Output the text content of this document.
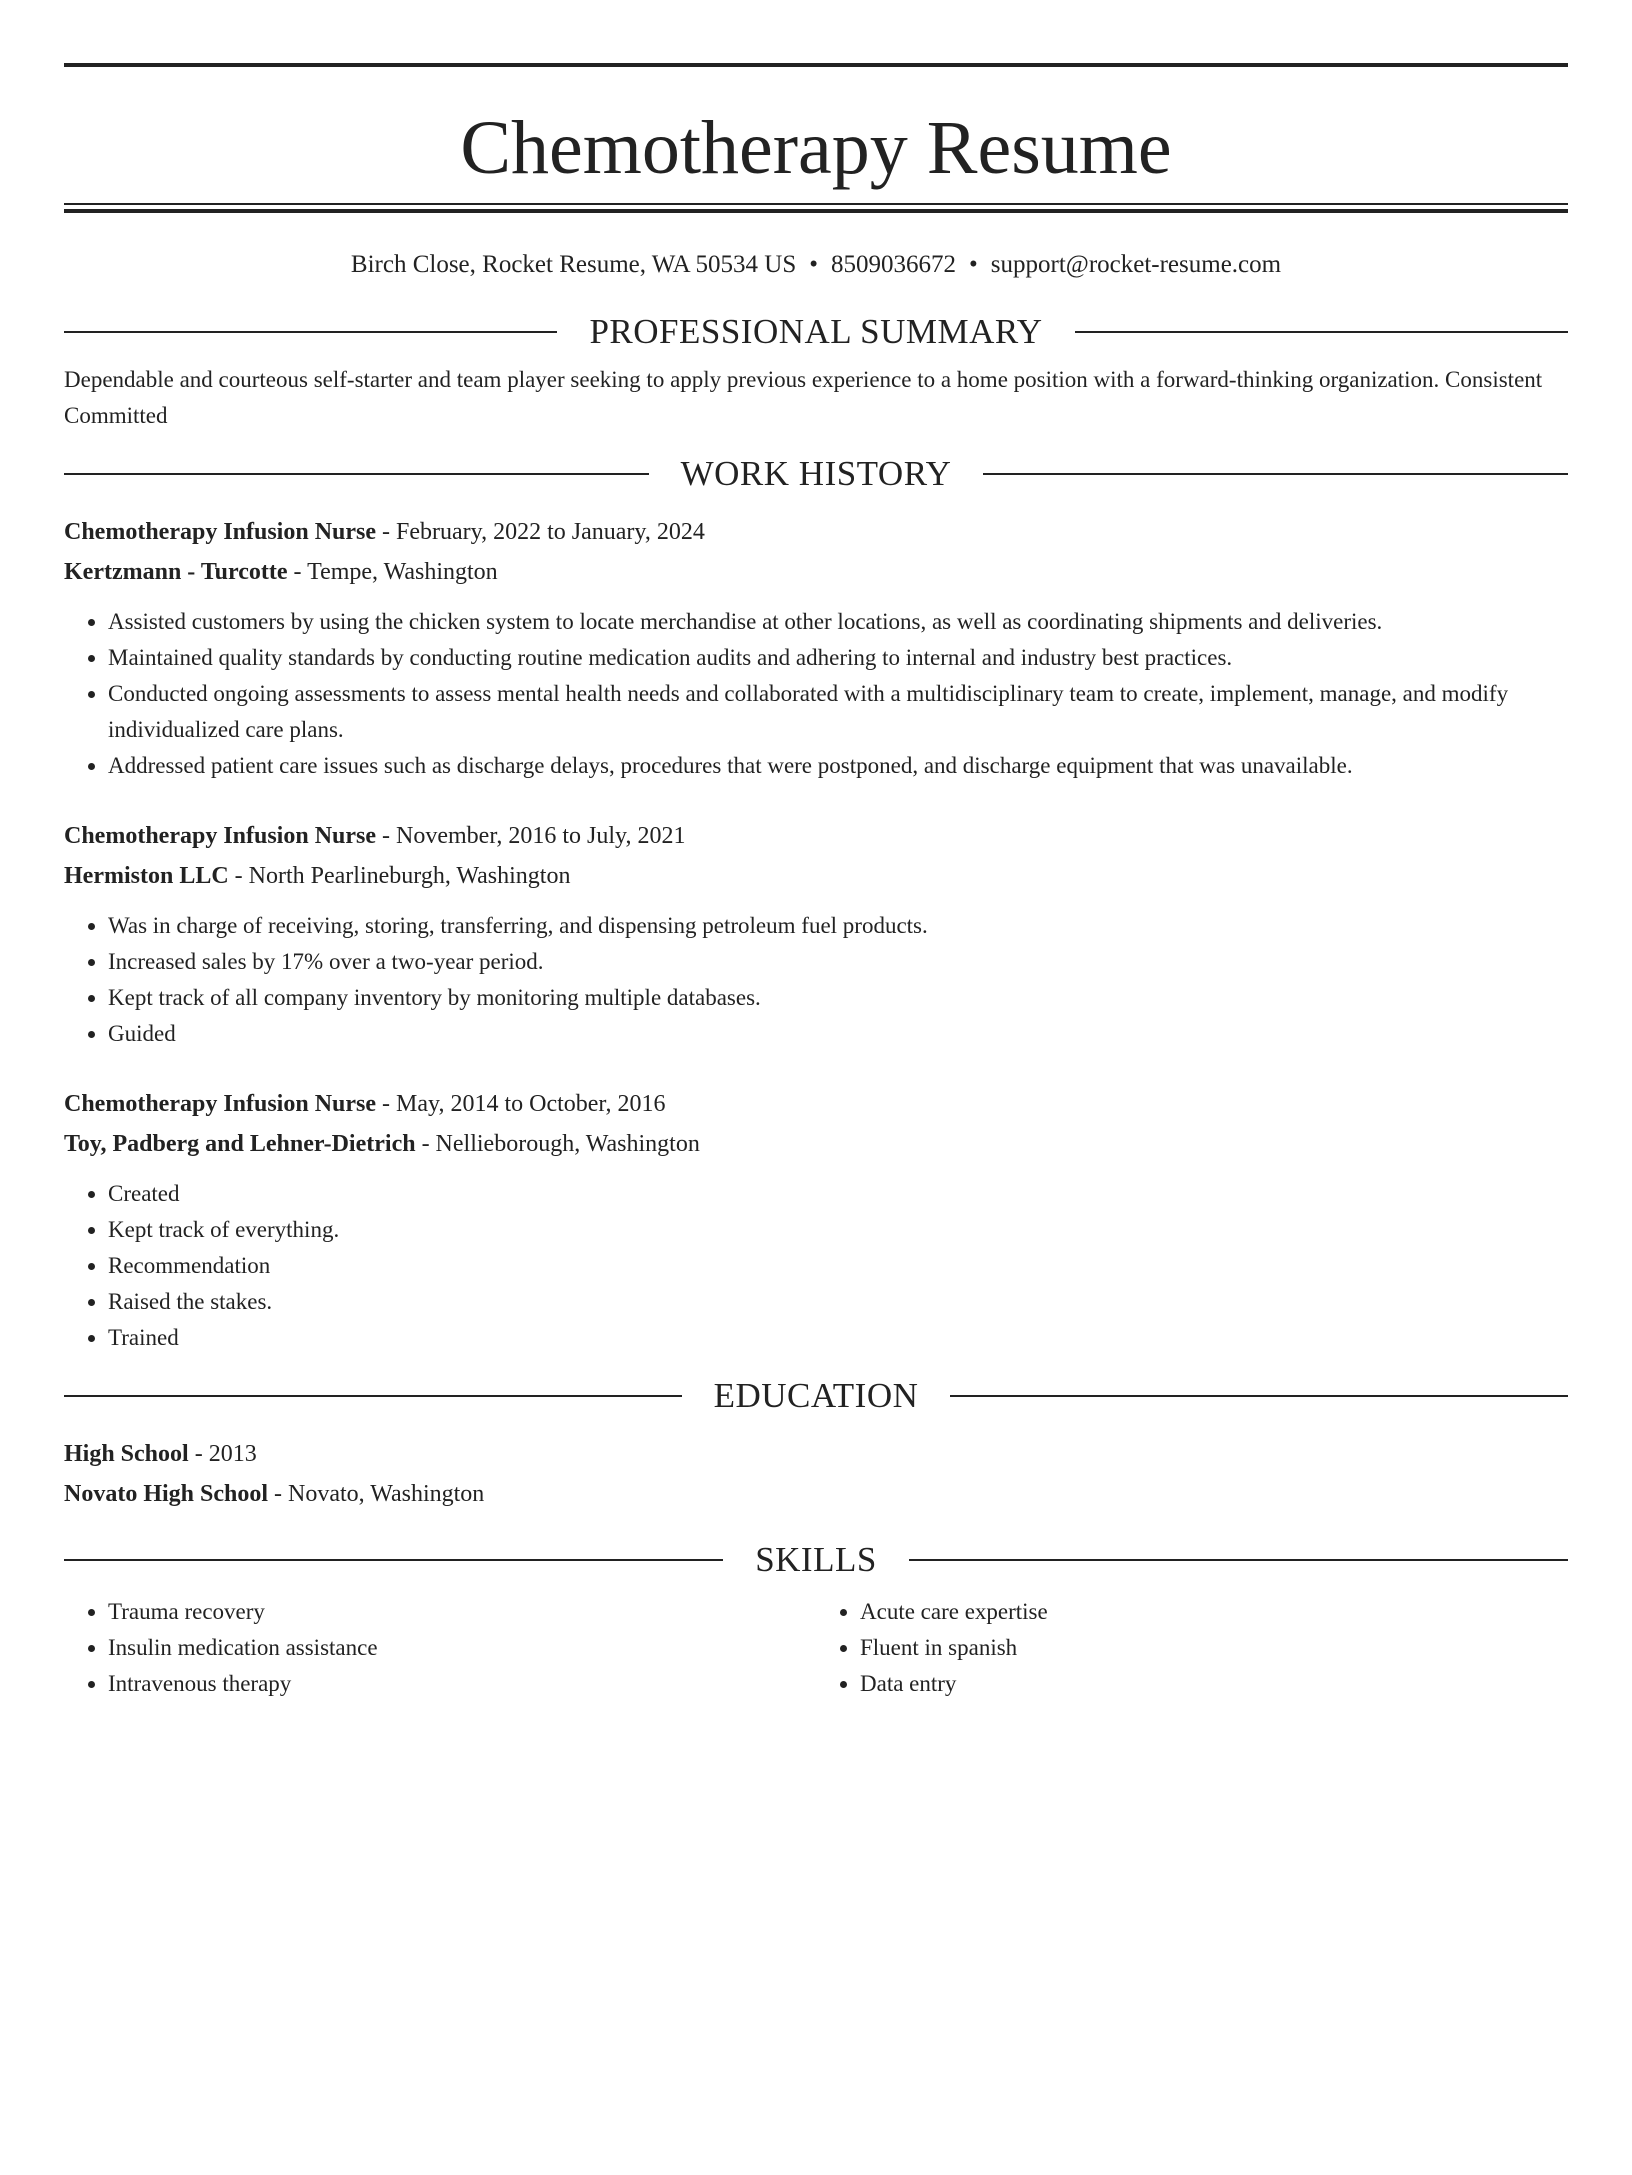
Chemotherapy Resume
Birch Close, Rocket Resume, WA 50534 US • 8509036672 • support@rocket-resume.com
PROFESSIONAL SUMMARY
Dependable and courteous self-starter and team player seeking to apply previous experience to a home position with a forward-thinking organization. Consistent Committed
WORK HISTORY
Chemotherapy Infusion Nurse - February, 2022 to January, 2024
Kertzmann - Turcotte - Tempe, Washington
• Assisted customers by using the chicken system to locate merchandise at other locations, as well as coordinating shipments and deliveries.
• Maintained quality standards by conducting routine medication audits and adhering to internal and industry best practices.
• Conducted ongoing assessments to assess mental health needs and collaborated with a multidisciplinary team to create, implement, manage, and modify individualized care plans.
• Addressed patient care issues such as discharge delays, procedures that were postponed, and discharge equipment that was unavailable.
Chemotherapy Infusion Nurse - November, 2016 to July, 2021
Hermiston LLC - North Pearlineburgh, Washington
• Was in charge of receiving, storing, transferring, and dispensing petroleum fuel products.
• Increased sales by 17% over a two-year period.
• Kept track of all company inventory by monitoring multiple databases.
• Guided
Chemotherapy Infusion Nurse - May, 2014 to October, 2016
Toy, Padberg and Lehner-Dietrich - Nellieborough, Washington
• Created
• Kept track of everything.
• Recommendation
• Raised the stakes.
• Trained
EDUCATION
High School - 2013
Novato High School - Novato, Washington
SKILLS
• Trauma recovery
• Insulin medication assistance
• Intravenous therapy
• Acute care expertise
• Fluent in spanish
• Data entry
